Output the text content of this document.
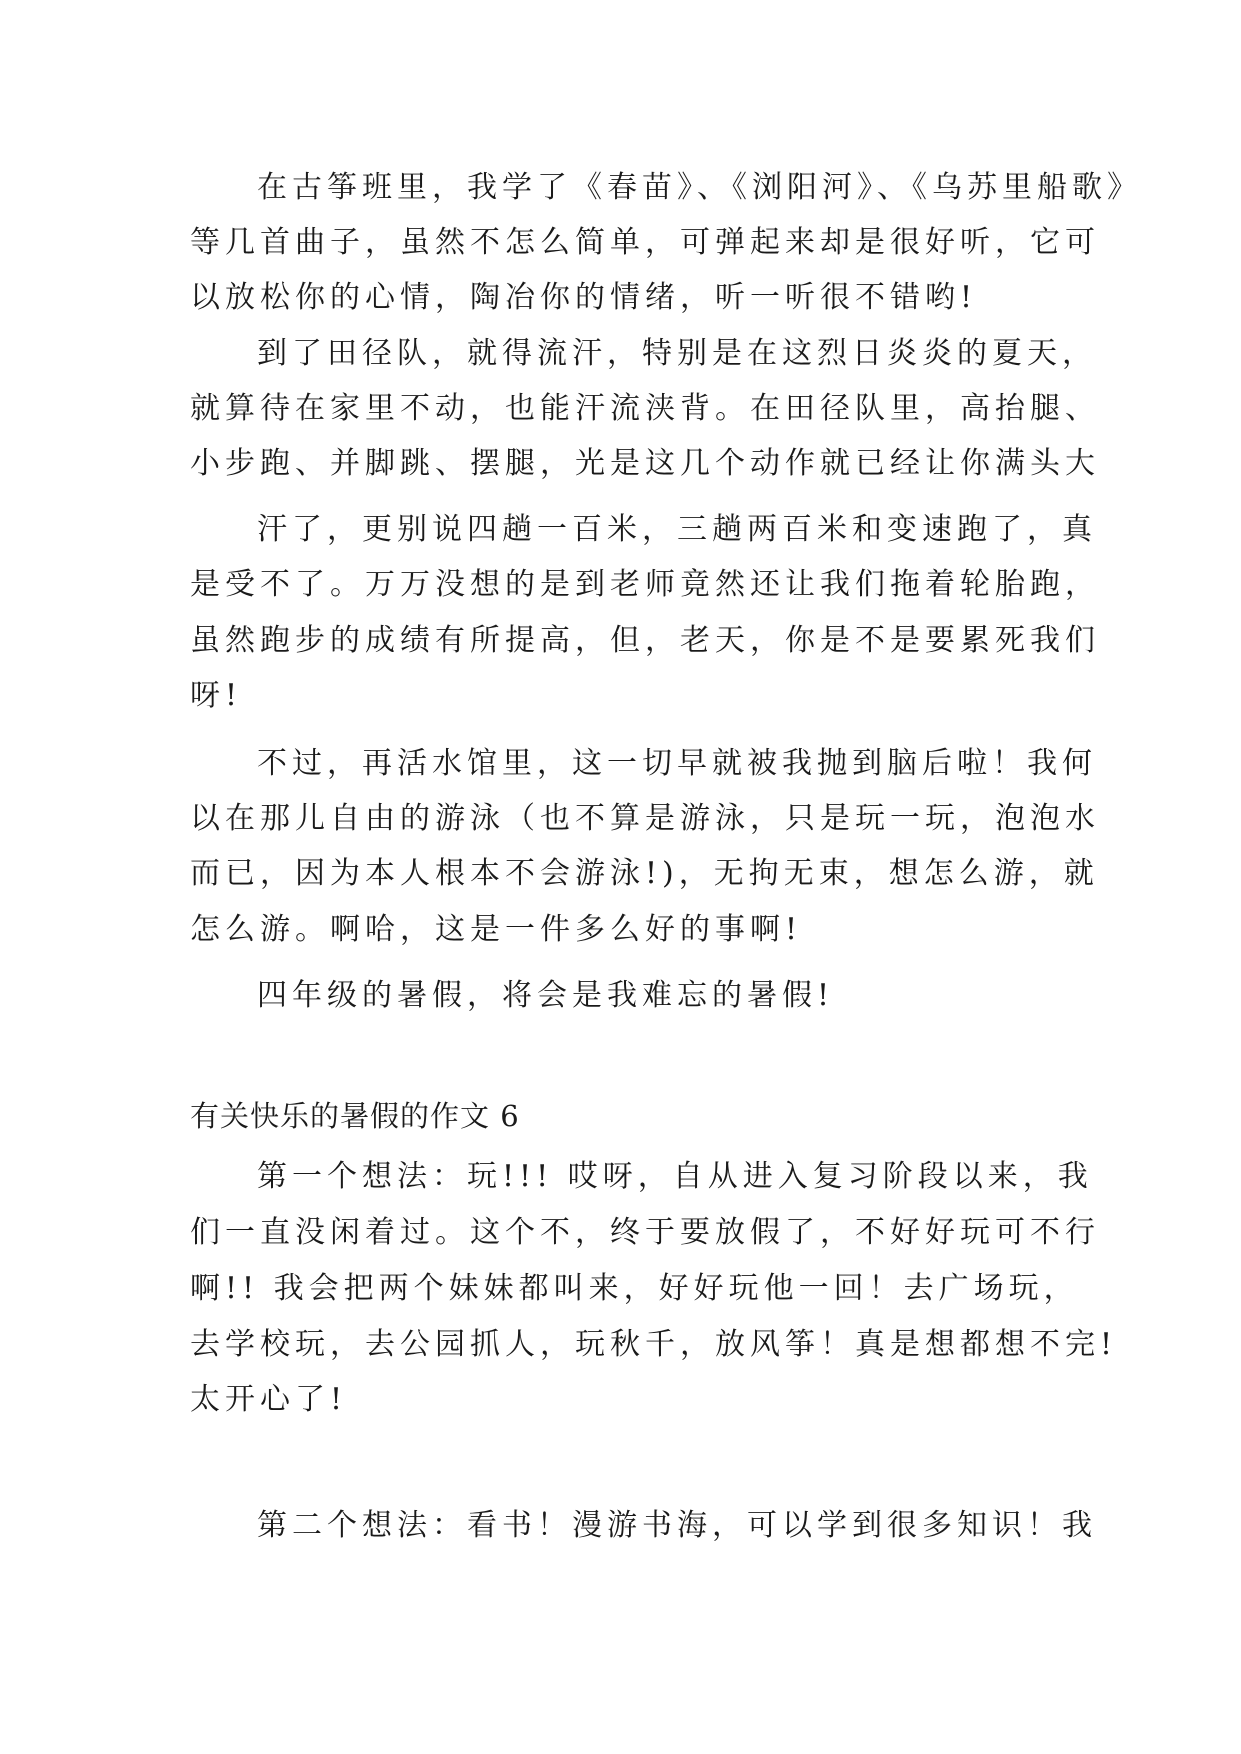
在古筝班里，我学了《春苗》、《浏阳河》、《乌苏里船歌》
等几首曲子，虽然不怎么简单，可弹起来却是很好听，它可
以放松你的心情，陶冶你的情绪，听一听很不错哟!
到了田径队，就得流汗，特别是在这烈日炎炎的夏天，
就算待在家里不动，也能汗流浃背。在田径队里，高抬腿、
小步跑、并脚跳、摆腿，光是这几个动作就已经让你满头大
汗了，更别说四趟一百米，三趟两百米和变速跑了，真
是受不了。万万没想的是到老师竟然还让我们拖着轮胎跑，
虽然跑步的成绩有所提高，但，老天，你是不是要累死我们
呀!
不过，再活水馆里，这一切早就被我抛到脑后啦！我何
以在那儿自由的游泳（也不算是游泳，只是玩一玩，泡泡水
而已，因为本人根本不会游泳!)，无拘无束，想怎么游，就
怎么游。啊哈，这是一件多么好的事啊!
四年级的暑假，将会是我难忘的暑假!
有关快乐的暑假的作文 6
第一个想法：玩!!! 哎呀，自从进入复习阶段以来，我
们一直没闲着过。这个不，终于要放假了，不好好玩可不行
啊!! 我会把两个妹妹都叫来，好好玩他一回！去广场玩，
去学校玩，去公园抓人，玩秋千，放风筝！真是想都想不完!
太开心了!
第二个想法：看书！漫游书海，可以学到很多知识！我
